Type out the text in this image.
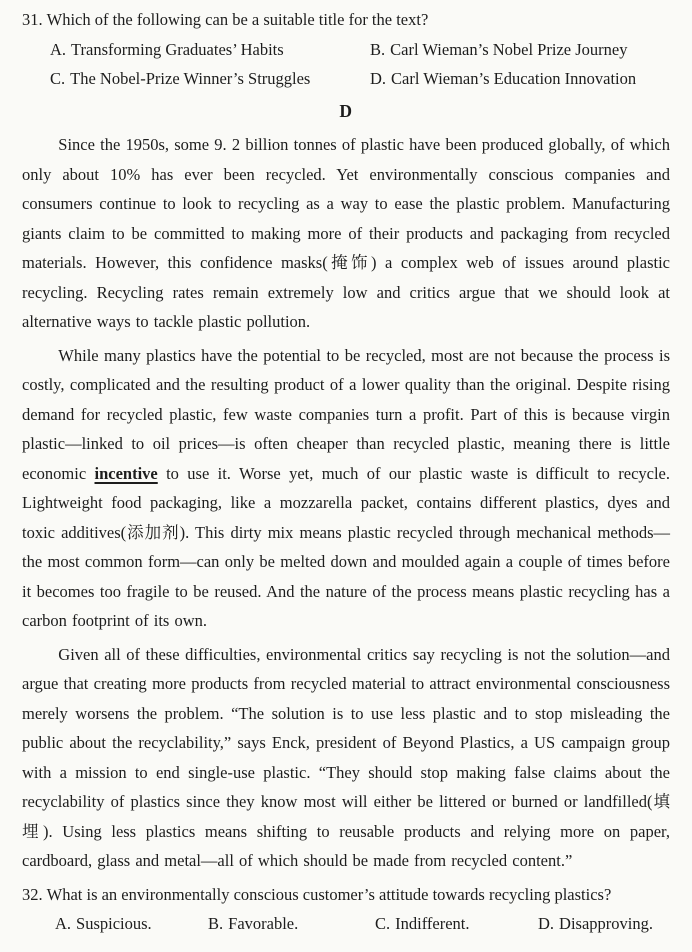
31. Which of the following can be a suitable title for the text?

A. Transforming Graduates’ Habits	B. Carl Wieman’s Nobel Prize Journey
C. The Nobel-Prize Winner’s Struggles	D. Carl Wieman’s Education Innovation
D

Since the 1950s, some 9. 2 billion tonnes of plastic have been produced globally, of which only about 10% has ever been recycled. Yet environmentally conscious companies and consumers continue to look to recycling as a way to ease the plastic problem. Manufacturing giants claim to be committed to making more of their products and packaging from recycled materials. However, this confidence masks(掩饰) a complex web of issues around plastic recycling. Recycling rates remain extremely low and critics argue that we should look at alternative ways to tackle plastic pollution.

While many plastics have the potential to be recycled, most are not because the process is costly, complicated and the resulting product of a lower quality than the original. Despite rising demand for recycled plastic, few waste companies turn a profit. Part of this is because virgin plastic—linked to oil prices—is often cheaper than recycled plastic, meaning there is little economic incentive to use it. Worse yet, much of our plastic waste is difficult to recycle. Lightweight food packaging, like a mozzarella packet, contains different plastics, dyes and toxic additives(添加剂). This dirty mix means plastic recycled through mechanical methods—the most common form—can only be melted down and moulded again a couple of times before it becomes too fragile to be reused. And the nature of the process means plastic recycling has a carbon footprint of its own.

Given all of these difficulties, environmental critics say recycling is not the solution—and argue that creating more products from recycled material to attract environmental consciousness merely worsens the problem. “The solution is to use less plastic and to stop misleading the public about the recyclability,” says Enck, president of Beyond Plastics, a US campaign group with a mission to end single-use plastic. “They should stop making false claims about the recyclability of plastics since they know most will either be littered or burned or landfilled(填埋). Using less plastics means shifting to reusable products and relying more on paper, cardboard, glass and metal—all of which should be made from recycled content.”

32. What is an environmentally conscious customer’s attitude towards recycling plastics?

A. Suspicious.	B. Favorable.	C. Indifferent.	D. Disapproving.
